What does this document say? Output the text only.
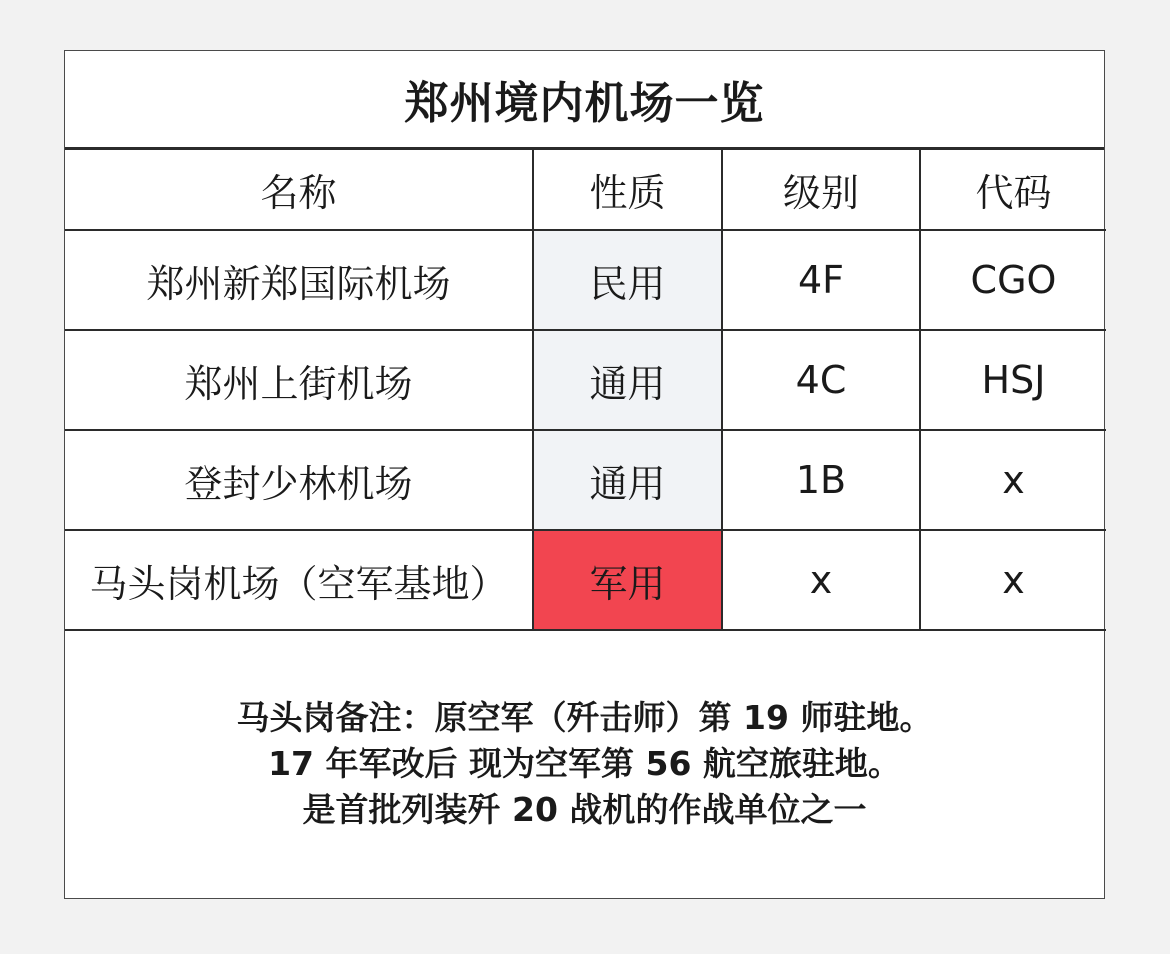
郑州境内机场一览
名称	性质	级别	代码
郑州新郑国际机场	民用	4F	CGO
郑州上街机场	通用	4C	HSJ
登封少林机场	通用	1B	x
马头岗机场（空军基地）	军用	x	x
马头岗备注：原空军（歼击师）第 19 师驻地。
17 年军改后 现为空军第 56 航空旅驻地。
是首批列装歼 20 战机的作战单位之一
